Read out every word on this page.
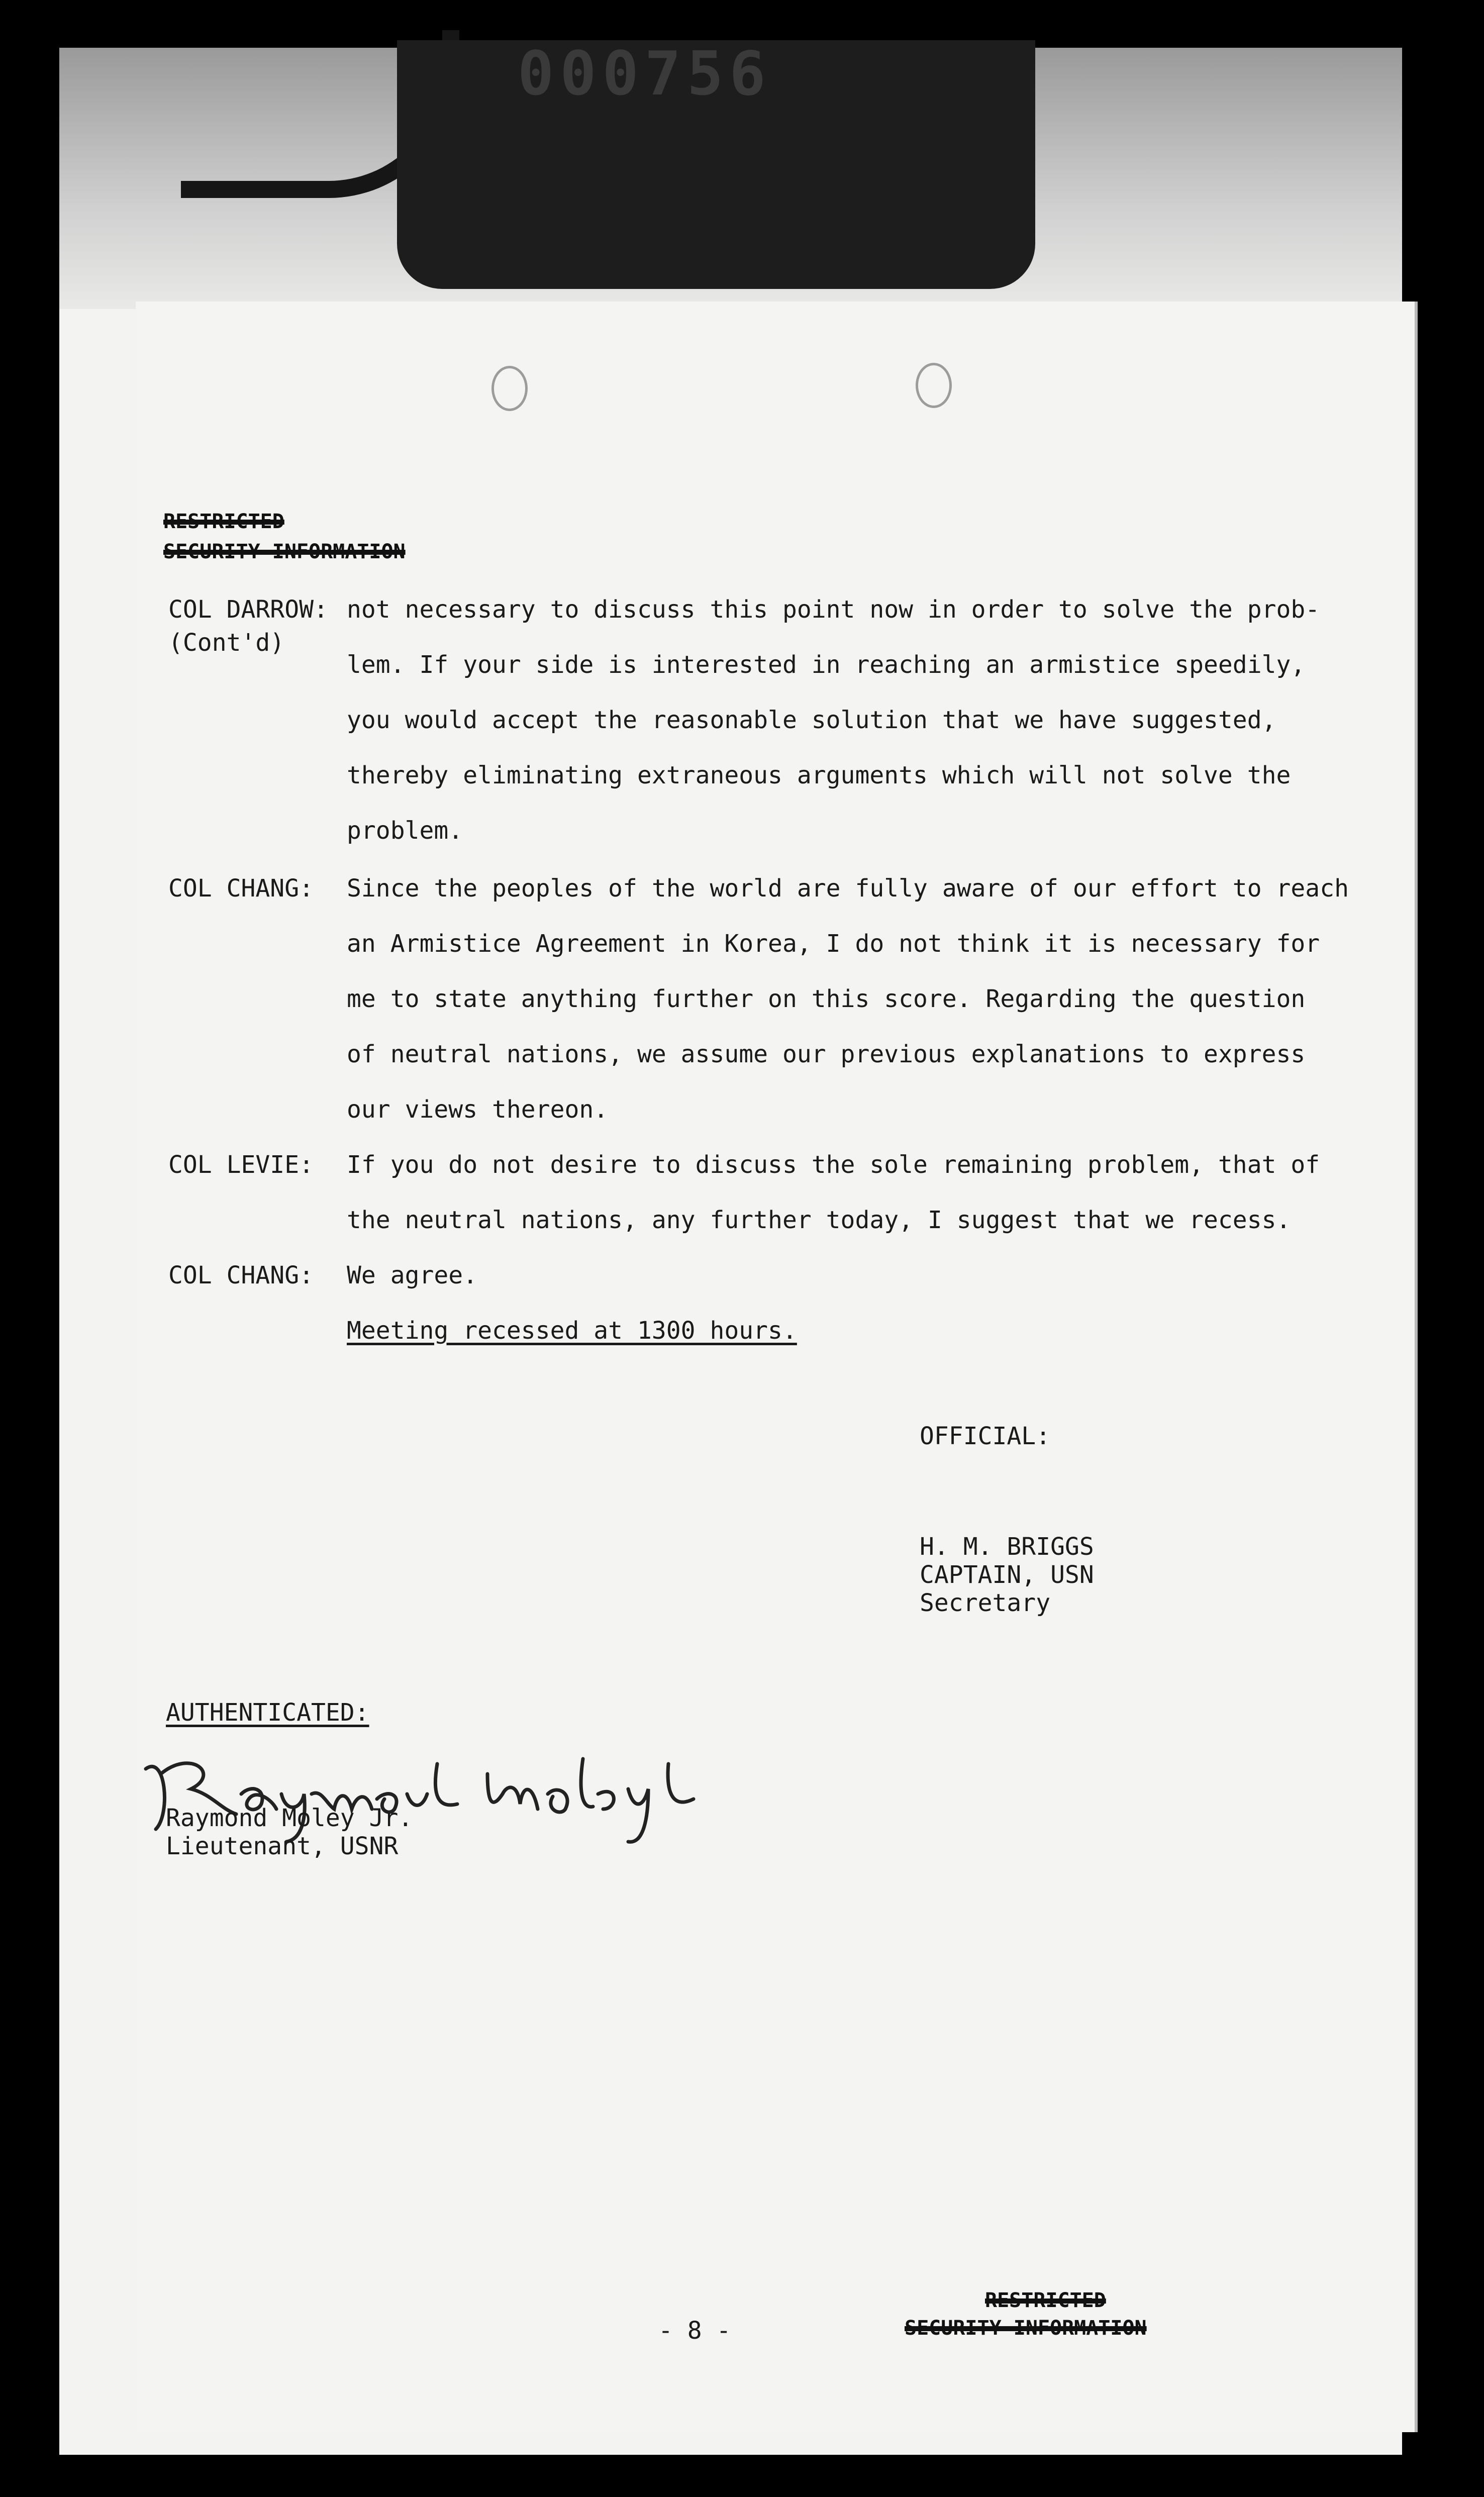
000756
RESTRICTED
SECURITY INFORMATION
COL DARROW:
(Cont'd)
not necessary to discuss this point now in order to solve the prob-
lem. If your side is interested in reaching an armistice speedily,
you would accept the reasonable solution that we have suggested,
thereby eliminating extraneous arguments which will not solve the
problem.
COL CHANG: Since the peoples of the world are fully aware of our effort to reach
an Armistice Agreement in Korea, I do not think it is necessary for
me to state anything further on this score. Regarding the question
of neutral nations, we assume our previous explanations to express
our views thereon.
COL LEVIE: If you do not desire to discuss the sole remaining problem, that of
the neutral nations, any further today, I suggest that we recess.
COL CHANG: We agree.
Meeting recessed at 1300 hours.
OFFICIAL:
H. M. BRIGGS
CAPTAIN, USN
Secretary
AUTHENTICATED:
Raymond Moley Jr.
Lieutenant, USNR
- 8 -
RESTRICTED
SECURITY INFORMATION
